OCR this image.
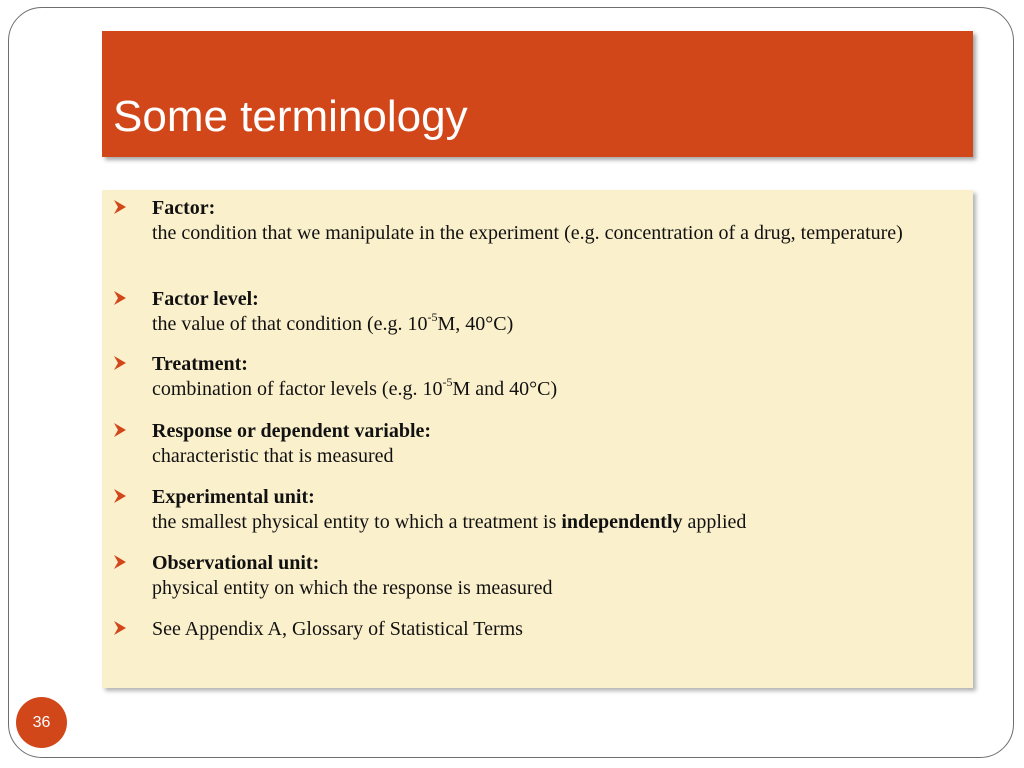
Some terminology
Factor:
the condition that we manipulate in the experiment (e.g. concentration of a drug, temperature)
Factor level:
the value of that condition (e.g. $10^{-5}M$, 40°C)
Treatment:
combination of factor levels (e.g. $10^{-5}M$ and 40°C)
Response or dependent variable:
characteristic that is measured
Experimental unit:
the smallest physical entity to which a treatment is independently applied
Observational unit:
physical entity on which the response is measured
See Appendix A, Glossary of Statistical Terms
36
